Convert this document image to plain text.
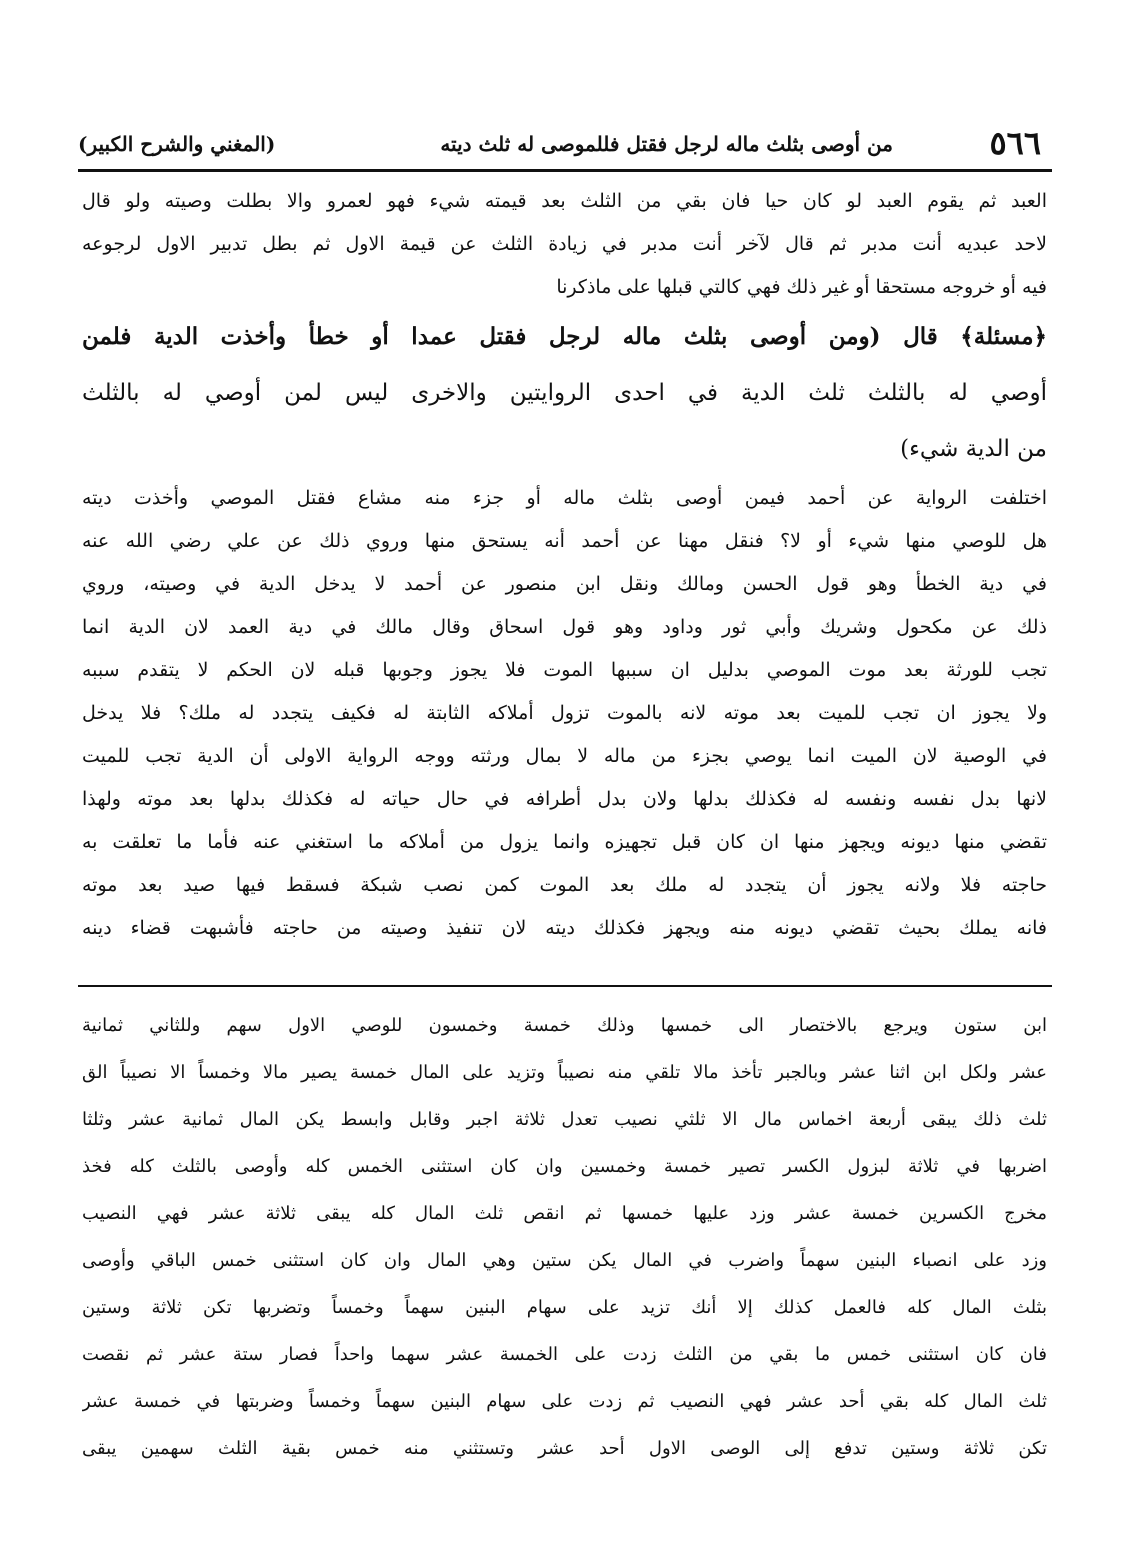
٥٦٦
من أوصى بثلث ماله لرجل فقتل فللموصى له ثلث ديته
(المغني والشرح الكبير)
العبد ثم يقوم العبد لو كان حيا فان بقي من الثلث بعد قيمته شيء فهو لعمرو والا بطلت وصيته ولو قال
لاحد عبديه أنت مدبر ثم قال لآخر أنت مدبر في زيادة الثلث عن قيمة الاول ثم بطل تدبير الاول لرجوعه
فيه أو خروجه مستحقا أو غير ذلك فهي كالتي قبلها على ماذكرنا
﴿مسئلة﴾ قال (ومن أوصى بثلث ماله لرجل فقتل عمدا أو خطأ وأخذت الدية فلمن
أوصي له بالثلث ثلث الدية في احدى الروايتين والاخرى ليس لمن أوصي له بالثلث
من الدية شيء)
اختلفت الرواية عن أحمد فيمن أوصى بثلث ماله أو جزء منه مشاع فقتل الموصي وأخذت ديته
هل للوصي منها شيء أو لا؟ فنقل مهنا عن أحمد أنه يستحق منها وروي ذلك عن علي رضي الله عنه
في دية الخطأ وهو قول الحسن ومالك ونقل ابن منصور عن أحمد لا يدخل الدية في وصيته، وروي
ذلك عن مكحول وشريك وأبي ثور وداود وهو قول اسحاق وقال مالك في دية العمد لان الدية انما
تجب للورثة بعد موت الموصي بدليل ان سببها الموت فلا يجوز وجوبها قبله لان الحكم لا يتقدم سببه
ولا يجوز ان تجب للميت بعد موته لانه بالموت تزول أملاكه الثابتة له فكيف يتجدد له ملك؟ فلا يدخل
في الوصية لان الميت انما يوصي بجزء من ماله لا بمال ورثته ووجه الرواية الاولى أن الدية تجب للميت
لانها بدل نفسه ونفسه له فكذلك بدلها ولان بدل أطرافه في حال حياته له فكذلك بدلها بعد موته ولهذا
تقضي منها ديونه ويجهز منها ان كان قبل تجهيزه وانما يزول من أملاكه ما استغني عنه فأما ما تعلقت به
حاجته فلا ولانه يجوز أن يتجدد له ملك بعد الموت كمن نصب شبكة فسقط فيها صيد بعد موته
فانه يملك بحيث تقضي ديونه منه ويجهز فكذلك ديته لان تنفيذ وصيته من حاجته فأشبهت قضاء دينه
ابن ستون ويرجع بالاختصار الى خمسها وذلك خمسة وخمسون للوصي الاول سهم وللثاني ثمانية
عشر ولكل ابن اثنا عشر وبالجبر تأخذ مالا تلقي منه نصيباً وتزيد على المال خمسة يصير مالا وخمساً الا نصيباً الق
ثلث ذلك يبقى أربعة اخماس مال الا ثلثي نصيب تعدل ثلاثة اجبر وقابل وابسط يكن المال ثمانية عشر وثلثا
اضربها في ثلاثة لبزول الكسر تصير خمسة وخمسين وان كان استثنى الخمس كله وأوصى بالثلث كله فخذ
مخرج الكسرين خمسة عشر وزد عليها خمسها ثم انقص ثلث المال كله يبقى ثلاثة عشر فهي النصيب
وزد على انصباء البنين سهماً واضرب في المال يكن ستين وهي المال وان كان استثنى خمس الباقي وأوصى
بثلث المال كله فالعمل كذلك إلا أنك تزيد على سهام البنين سهماً وخمساً وتضربها تكن ثلاثة وستين
فان كان استثنى خمس ما بقي من الثلث زدت على الخمسة عشر سهما واحداً فصار ستة عشر ثم نقصت
ثلث المال كله بقي أحد عشر فهي النصيب ثم زدت على سهام البنين سهماً وخمساً وضربتها في خمسة عشر
تكن ثلاثة وستين تدفع إلى الوصى الاول أحد عشر وتستثني منه خمس بقية الثلث سهمين يبقى
